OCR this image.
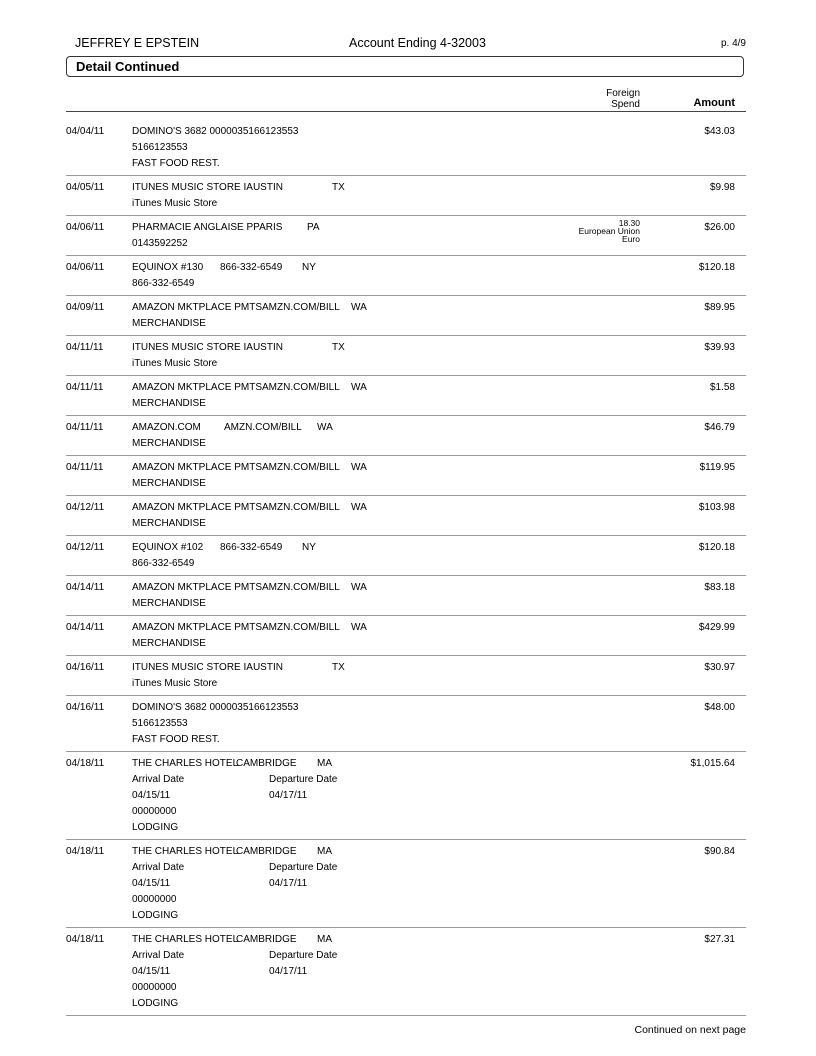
JEFFREY E EPSTEIN	Account Ending 4-32003	p. 4/9
Detail Continued
Foreign
Spend	Amount
04/04/11	$43.03
DOMINO'S 3682 0000035166123553
5166123553
FAST FOOD REST.
04/05/11	$9.98
ITUNES MUSIC STORE IAUSTIN	TX
iTunes Music Store
04/06/11	$26.00
18.30
European Union
Euro
PHARMACIE ANGLAISE PPARIS PA
0143592252
04/06/11	$120.18
EQUINOX #130 866-332-6549 NY
866-332-6549
04/09/11	$89.95
AMAZON MKTPLACE PMTSAMZN.COM/BILL WA
MERCHANDISE
04/11/11	$39.93
ITUNES MUSIC STORE IAUSTIN	TX
iTunes Music Store
04/11/11	$1.58
AMAZON MKTPLACE PMTSAMZN.COM/BILL WA
MERCHANDISE
04/11/11	$46.79
AMAZON.COM AMZN.COM/BILL WA
MERCHANDISE
04/11/11	$119.95
AMAZON MKTPLACE PMTSAMZN.COM/BILL WA
MERCHANDISE
04/12/11	$103.98
AMAZON MKTPLACE PMTSAMZN.COM/BILL WA
MERCHANDISE
04/12/11	$120.18
EQUINOX #102 866-332-6549 NY
866-332-6549
04/14/11	$83.18
AMAZON MKTPLACE PMTSAMZN.COM/BILL WA
MERCHANDISE
04/14/11	$429.99
AMAZON MKTPLACE PMTSAMZN.COM/BILL WA
MERCHANDISE
04/16/11	$30.97
ITUNES MUSIC STORE IAUSTIN	TX
iTunes Music Store
04/16/11	$48.00
DOMINO'S 3682 0000035166123553
5166123553
FAST FOOD REST.
04/18/11	$1,015.64
THE CHARLES HOTEL
CAMBRIDGE MA
Arrival Date	Departure Date
04/15/11	04/17/11
00000000
LODGING
04/18/11	$90.84
THE CHARLES HOTEL
CAMBRIDGE MA
Arrival Date	Departure Date
04/15/11	04/17/11
00000000
LODGING
04/18/11	$27.31
THE CHARLES HOTEL
CAMBRIDGE MA
Arrival Date	Departure Date
04/15/11	04/17/11
00000000
LODGING
Continued on next page
